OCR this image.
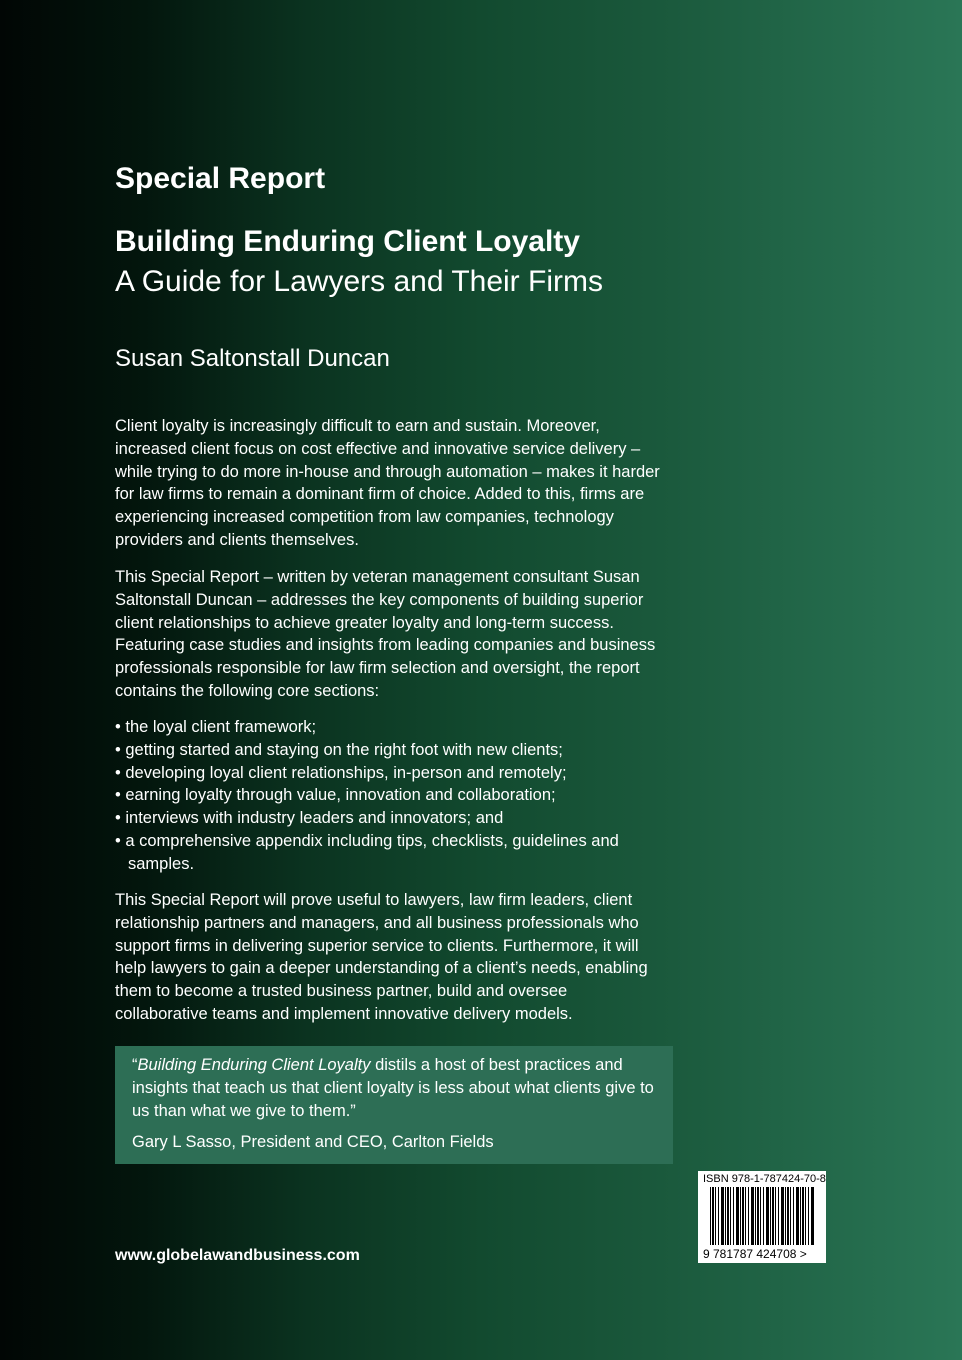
Special Report
Building Enduring Client Loyalty
A Guide for Lawyers and Their Firms
Susan Saltonstall Duncan

Client loyalty is increasingly difficult to earn and sustain. Moreover, increased client focus on cost effective and innovative service delivery – while trying to do more in-house and through automation – makes it harder for law firms to remain a dominant firm of choice. Added to this, firms are experiencing increased competition from law companies, technology providers and clients themselves.

This Special Report – written by veteran management consultant Susan Saltonstall Duncan – addresses the key components of building superior client relationships to achieve greater loyalty and long-term success. Featuring case studies and insights from leading companies and business professionals responsible for law firm selection and oversight, the report contains the following core sections:

• the loyal client framework;
• getting started and staying on the right foot with new clients;
• developing loyal client relationships, in-person and remotely;
• earning loyalty through value, innovation and collaboration;
• interviews with industry leaders and innovators; and
• a comprehensive appendix including tips, checklists, guidelines and samples.

This Special Report will prove useful to lawyers, law firm leaders, client relationship partners and managers, and all business professionals who support firms in delivering superior service to clients. Furthermore, it will help lawyers to gain a deeper understanding of a client’s needs, enabling them to become a trusted business partner, build and oversee collaborative teams and implement innovative delivery models.

“Building Enduring Client Loyalty distils a host of best practices and insights that teach us that client loyalty is less about what clients give to us than what we give to them.”

Gary L Sasso, President and CEO, Carlton Fields

www.globelawandbusiness.com
ISBN 978-1-787424-70-8
9 781787 424708 >
